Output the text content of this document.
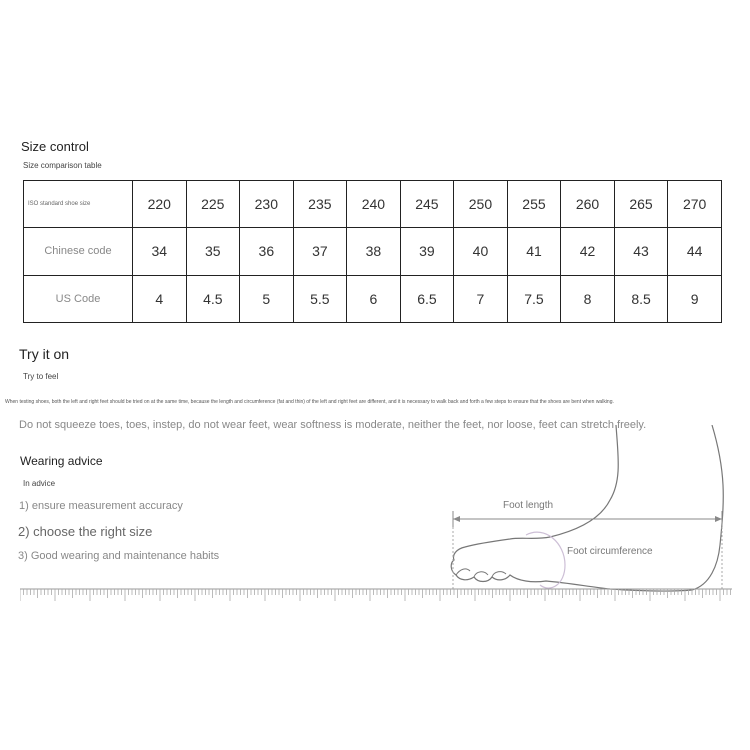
Size control
Size comparison table
ISO standard shoe size	220	225	230	235	240	245	250	255	260	265	270
Chinese code	34	35	36	37	38	39	40	41	42	43	44
US Code	4	4.5	5	5.5	6	6.5	7	7.5	8	8.5	9
Try it on
Try to feel
When testing shoes, both the left and right feet should be tried on at the same time, because the length and circumference (fat and thin) of the left and right feet are different, and it is necessary to walk back and forth a few steps to ensure that the shoes are bent when walking.
Do not squeeze toes, toes, instep, do not wear feet, wear softness is moderate, neither the feet, nor loose, feet can stretch freely.
Wearing advice
In advice
1) ensure measurement accuracy
2) choose the right size
3) Good wearing and maintenance habits
Foot length
Foot circumference
